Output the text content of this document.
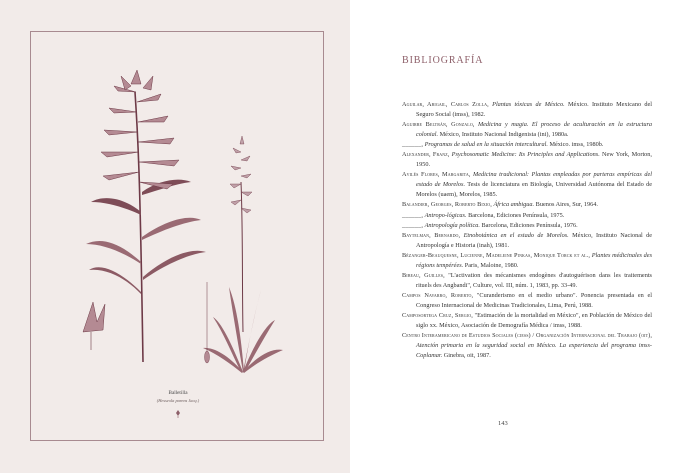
Balletilla
(Hesseola parens Jacq.)
BIBLIOGRAFÍA

Aguilar, Abigail, Carlos Zolla, Plantas tóxicas de México. México. Instituto Mexicano del Seguro Social (imss), 1982.

Aguirre Beltrán, Gonzalo, Medicina y magia. El proceso de aculturación en la estructura colonial. México, Instituto Nacional Indigenista (ini), 1980a.

______, Programas de salud en la situación intercultural. México. imss, 1980b.

Alexander, Franz, Psychosomatic Medicine: Its Principles and Applications. New York, Morton, 1950.

Avilés Flores, Margarita, Medicina tradicional: Plantas empleadas por parteras empíricas del estado de Morelos. Tesis de licenciatura en Biología, Universidad Autónoma del Estado de Morelos (uaem), Morelos, 1985.

Balandier, Georges, Roberto Bixio, África ambigua. Buenos Aires, Sur, 1964.

______, Antropo-lógicas. Barcelona, Ediciones Península, 1975.

______, Antropología política. Barcelona, Ediciones Península, 1976.

Baytelman, Bernardo, Etnobotánica en el estado de Morelos. México, Instituto Nacional de Antropología e Historia (inah), 1981.

Bézanger-Beauquesne, Lucienne, Madeleine Pinkas, Monique Torck et al., Plantes médicinales des régions tempérées. Paris, Maloine, 1980.

Bibeau, Guilles, "L'activation des mécanismes endogènes d'autoguérison dans les traitements rituels des Angbandi", Culture, vol. III, núm. 1, 1983, pp. 33-49.

Campos Navarro, Roberto, "Curanderismo en el medio urbano". Ponencia presentada en el Congreso Internacional de Medicinas Tradicionales, Lima, Perú, 1988.

Camposortega Cruz, Sergio, "Estimación de la mortalidad en México", en Población de México del siglo xx. México, Asociación de Demografía Médica / imss, 1988.

Centro Interamericano de Estudios Sociales (ciess) / Organización Internacional del Trabajo (oit), Atención primaria en la seguridad social en México. La experiencia del programa imss-Coplamar. Ginebra, oit, 1987.

143
